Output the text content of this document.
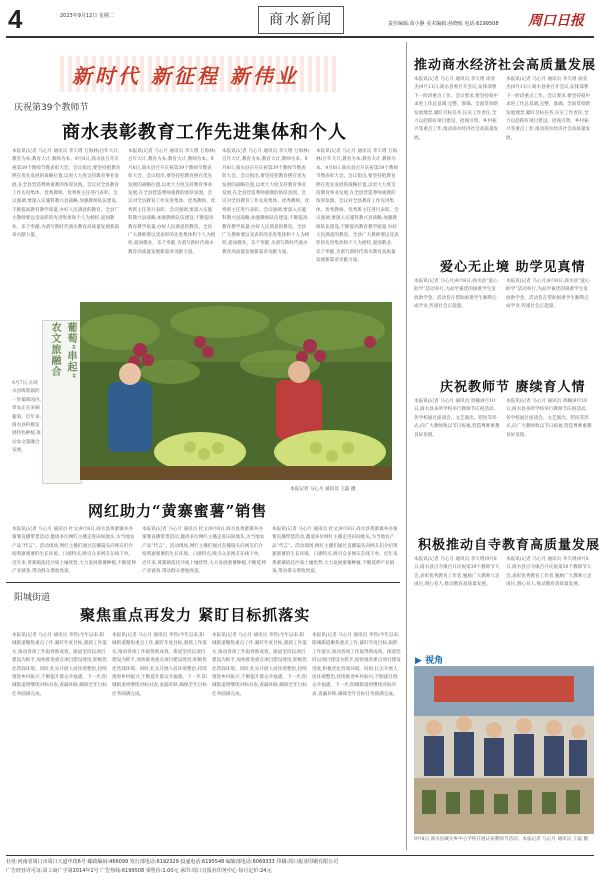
4	2023年9月12日 星期二	商水新闻	责任编辑:苗小静 美术编辑:孙晓航 电话:6199508 周口日报
新时代 新征程 新伟业
庆祝第39个教师节
商水表彰教育工作先进集体和个人
本报讯(记者 马心月 通讯员 李久增 万海林)百年大计,教育为本;教育大计,教师为本。9月8日,商水县召开庆祝第39个教师节暨表彰大会。会议指出,要坚持把教育摆在优先发展的战略位置,以更大力度支持教育事业发展,在全县营造尊师重教的浓厚氛围。会议对全县教育工作先进集体、优秀教师、优秀班主任进行表彰。会议强调,要深入实施科教兴县战略,加强教师队伍建设,不断提高教育教学质量,办好人民满意的教育。全县广大教师要以受表彰的先进集体和个人为榜样,爱岗敬业、乐于奉献,为谱写新时代商水教育高质量发展新篇章贡献力量。
本报讯(记者 马心月 通讯员 李久增 万海林)百年大计,教育为本;教育大计,教师为本。9月8日,商水县召开庆祝第39个教师节暨表彰大会。会议指出,要坚持把教育摆在优先发展的战略位置,以更大力度支持教育事业发展,在全县营造尊师重教的浓厚氛围。会议对全县教育工作先进集体、优秀教师、优秀班主任进行表彰。会议强调,要深入实施科教兴县战略,加强教师队伍建设,不断提高教育教学质量,办好人民满意的教育。全县广大教师要以受表彰的先进集体和个人为榜样,爱岗敬业、乐于奉献,为谱写新时代商水教育高质量发展新篇章贡献力量。
本报讯(记者 马心月 通讯员 李久增 万海林)百年大计,教育为本;教育大计,教师为本。9月8日,商水县召开庆祝第39个教师节暨表彰大会。会议指出,要坚持把教育摆在优先发展的战略位置,以更大力度支持教育事业发展,在全县营造尊师重教的浓厚氛围。会议对全县教育工作先进集体、优秀教师、优秀班主任进行表彰。会议强调,要深入实施科教兴县战略,加强教师队伍建设,不断提高教育教学质量,办好人民满意的教育。全县广大教师要以受表彰的先进集体和个人为榜样,爱岗敬业、乐于奉献,为谱写新时代商水教育高质量发展新篇章贡献力量。
本报讯(记者 马心月 通讯员 李久增 万海林)百年大计,教育为本;教育大计,教师为本。9月8日,商水县召开庆祝第39个教师节暨表彰大会。会议指出,要坚持把教育摆在优先发展的战略位置,以更大力度支持教育事业发展,在全县营造尊师重教的浓厚氛围。会议对全县教育工作先进集体、优秀教师、优秀班主任进行表彰。会议强调,要深入实施科教兴县战略,加强教师队伍建设,不断提高教育教学质量,办好人民满意的教育。全县广大教师要以受表彰的先进集体和个人为榜样,爱岗敬业、乐于奉献,为谱写新时代商水教育高质量发展新篇章贡献力量。
农文旅融合 葡萄“串起”
9月7日,在商水县练集镇的一处葡萄园内,果农正在采摘葡萄。近年来,商水县积极发展特色种植,推动农文旅融合发展。
本报记者 马心月 通讯员 王磊 摄
网红助力“黄寨蜜薯”销售
本报讯(记者 马心月 通讯员 杜文)9月8日,商水县黄寨镇举办蜜薯直播带货活动,邀请多位网红主播走进田间地头,为当地农产品“代言”。活动现场,网红主播们通过直播镜头向网友们介绍黄寨蜜薯的生长环境、口感特点,吸引众多网友在线下单。近年来,黄寨镇依托沙质土壤优势,大力发展蜜薯种植,不断延伸产业链条,带动群众增收致富。
本报讯(记者 马心月 通讯员 杜文)9月8日,商水县黄寨镇举办蜜薯直播带货活动,邀请多位网红主播走进田间地头,为当地农产品“代言”。活动现场,网红主播们通过直播镜头向网友们介绍黄寨蜜薯的生长环境、口感特点,吸引众多网友在线下单。近年来,黄寨镇依托沙质土壤优势,大力发展蜜薯种植,不断延伸产业链条,带动群众增收致富。
本报讯(记者 马心月 通讯员 杜文)9月8日,商水县黄寨镇举办蜜薯直播带货活动,邀请多位网红主播走进田间地头,为当地农产品“代言”。活动现场,网红主播们通过直播镜头向网友们介绍黄寨蜜薯的生长环境、口感特点,吸引众多网友在线下单。近年来,黄寨镇依托沙质土壤优势,大力发展蜜薯种植,不断延伸产业链条,带动群众增收致富。
阳城街道
聚焦重点再发力 紧盯目标抓落实
本报讯(记者 马心月 通讯员 李伟)今年以来,阳城街道聚焦重点工作,紧盯年度目标,狠抓工作落实,推动各项工作取得新成效。街道坚持以项目建设为抓手,加快推进重点项目建设进度,积极优化营商环境。同时,扎实开展人居环境整治,持续推进乡村振兴,不断提升群众幸福感。下一步,阳城街道将继续对标对表,查漏补缺,确保全年目标任务圆满完成。
本报讯(记者 马心月 通讯员 李伟)今年以来,阳城街道聚焦重点工作,紧盯年度目标,狠抓工作落实,推动各项工作取得新成效。街道坚持以项目建设为抓手,加快推进重点项目建设进度,积极优化营商环境。同时,扎实开展人居环境整治,持续推进乡村振兴,不断提升群众幸福感。下一步,阳城街道将继续对标对表,查漏补缺,确保全年目标任务圆满完成。
本报讯(记者 马心月 通讯员 李伟)今年以来,阳城街道聚焦重点工作,紧盯年度目标,狠抓工作落实,推动各项工作取得新成效。街道坚持以项目建设为抓手,加快推进重点项目建设进度,积极优化营商环境。同时,扎实开展人居环境整治,持续推进乡村振兴,不断提升群众幸福感。下一步,阳城街道将继续对标对表,查漏补缺,确保全年目标任务圆满完成。
本报讯(记者 马心月 通讯员 李伟)今年以来,阳城街道聚焦重点工作,紧盯年度目标,狠抓工作落实,推动各项工作取得新成效。街道坚持以项目建设为抓手,加快推进重点项目建设进度,积极优化营商环境。同时,扎实开展人居环境整治,持续推进乡村振兴,不断提升群众幸福感。下一步,阳城街道将继续对标对表,查漏补缺,确保全年目标任务圆满完成。
推动商水经济社会高质量发展
本报讯(记者 马心月 通讯员 李久增 徐亚杰)9月11日,商水县委召开会议,安排部署下一阶段重点工作。会议要求,要坚持稳中求进工作总基调,完整、准确、全面贯彻新发展理念,紧盯目标任务,压实工作责任,全力以赴抓好项目建设、招商引资、乡村振兴等重点工作,推动商水经济社会高质量发展。
本报讯(记者 马心月 通讯员 李久增 徐亚杰)9月11日,商水县委召开会议,安排部署下一阶段重点工作。会议要求,要坚持稳中求进工作总基调,完整、准确、全面贯彻新发展理念,紧盯目标任务,压实工作责任,全力以赴抓好项目建设、招商引资、乡村振兴等重点工作,推动商水经济社会高质量发展。
爱心无止境 助学见真情
本报讯(记者 马心月)9月8日,商水县“爱心助学”活动举行,为品学兼优的困难学生发放助学金。活动旨在帮助困难学生顺利完成学业,传递社会正能量。
本报讯(记者 马心月)9月8日,商水县“爱心助学”活动举行,为品学兼优的困难学生发放助学金。活动旨在帮助困难学生顺利完成学业,传递社会正能量。
庆祝教师节 赓续育人情
本报讯(记者 马心月 通讯员 周楠)9月10日,商水县多所学校举行教师节庆祝活动。各学校通过座谈会、文艺演出、慰问等形式,向广大教师致以节日祝福,营造尊师重教良好氛围。
本报讯(记者 马心月 通讯员 周楠)9月10日,商水县多所学校举行教师节庆祝活动。各学校通过座谈会、文艺演出、慰问等形式,向广大教师致以节日祝福,营造尊师重教良好氛围。
积极推动自寺教育高质量发展
本报讯(记者 马心月 通讯员 李久增)9月8日,商水县自寺镇召开庆祝第39个教师节大会,表彰优秀教育工作者,勉励广大教师立足岗位,潜心育人,推动教育高质量发展。
本报讯(记者 马心月 通讯员 李久增)9月8日,商水县自寺镇召开庆祝第39个教师节大会,表彰优秀教育工作者,勉励广大教师立足岗位,潜心育人,推动教育高质量发展。
▶ 视角
9月8日,商水县城关乡中心学校开展庆祝教师节活动。本报记者 马心月 通讯员 王磊 摄
社址:河南省周口市周口大道中段6号 邮政编码:466099 发行部电话:6192329 投递电话:6195548 编辑部电话:6069333 印刷:周口报业印刷有限公司
广告经营许可证:周工商广字第2014年1号 广告热线:6199508 零售价:1.00元 承印:周口日报社印务中心 每月定价:24元
